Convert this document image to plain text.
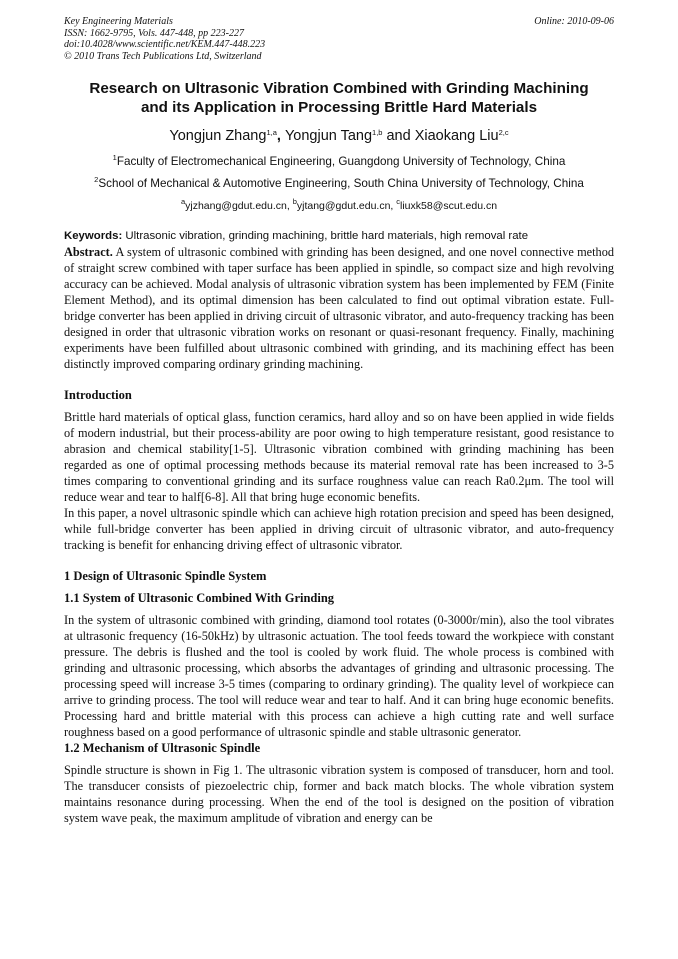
Key Engineering Materials
ISSN: 1662-9795, Vols. 447-448, pp 223-227
doi:10.4028/www.scientific.net/KEM.447-448.223
© 2010 Trans Tech Publications Ltd, Switzerland
Online: 2010-09-06
Research on Ultrasonic Vibration Combined with Grinding Machining
and its Application in Processing Brittle Hard Materials
Yongjun Zhang$^{1,a}$, Yongjun Tang$^{1,b}$ and Xiaokang Liu$^{2,c}$
$^1$Faculty of Electromechanical Engineering, Guangdong University of Technology, China
$^2$School of Mechanical & Automotive Engineering, South China University of Technology, China
$^a$yjzhang@gdut.edu.cn, $^b$yjtang@gdut.edu.cn, $^c$liuxk58@scut.edu.cn
Keywords: Ultrasonic vibration, grinding machining, brittle hard materials, high removal rate

Abstract. A system of ultrasonic combined with grinding has been designed, and one novel connective method of straight screw combined with taper surface has been applied in spindle, so compact size and high revolving accuracy can be achieved. Modal analysis of ultrasonic vibration system has been implemented by FEM (Finite Element Method), and its optimal dimension has been calculated to find out optimal vibration estate. Full-bridge converter has been applied in driving circuit of ultrasonic vibrator, and auto-frequency tracking has been designed in order that ultrasonic vibration works on resonant or quasi-resonant frequency. Finally, machining experiments have been fulfilled about ultrasonic combined with grinding, and its machining effect has been distinctly improved comparing ordinary grinding machining.

Introduction

Brittle hard materials of optical glass, function ceramics, hard alloy and so on have been applied in wide fields of modern industrial, but their process-ability are poor owing to high temperature resistant, good resistance to abrasion and chemical stability[1-5]. Ultrasonic vibration combined with grinding machining has been regarded as one of optimal processing methods because its material removal rate has been increased to 3-5 times comparing to conventional grinding and its surface roughness value can reach Ra0.2μm. The tool will reduce wear and tear to half[6-8]. All that bring huge economic benefits.

In this paper, a novel ultrasonic spindle which can achieve high rotation precision and speed has been designed, while full-bridge converter has been applied in driving circuit of ultrasonic vibrator, and auto-frequency tracking is benefit for enhancing driving effect of ultrasonic vibrator.

1 Design of Ultrasonic Spindle System
1.1 System of Ultrasonic Combined With Grinding

In the system of ultrasonic combined with grinding, diamond tool rotates (0-3000r/min), also the tool vibrates at ultrasonic frequency (16-50kHz) by ultrasonic actuation. The tool feeds toward the workpiece with constant pressure. The debris is flushed and the tool is cooled by work fluid. The whole process is combined with grinding and ultrasonic processing, which absorbs the advantages of grinding and ultrasonic processing. The processing speed will increase 3-5 times (comparing to ordinary grinding). The quality level of workpiece can arrive to grinding process. The tool will reduce wear and tear to half. And it can bring huge economic benefits. Processing hard and brittle material with this process can achieve a high cutting rate and well surface roughness based on a good performance of ultrasonic spindle and stable ultrasonic generator.

1.2 Mechanism of Ultrasonic Spindle

Spindle structure is shown in Fig 1. The ultrasonic vibration system is composed of transducer, horn and tool. The transducer consists of piezoelectric chip, former and back match blocks. The whole vibration system maintains resonance during processing. When the end of the tool is designed on the position of vibration system wave peak, the maximum amplitude of vibration and energy can be
